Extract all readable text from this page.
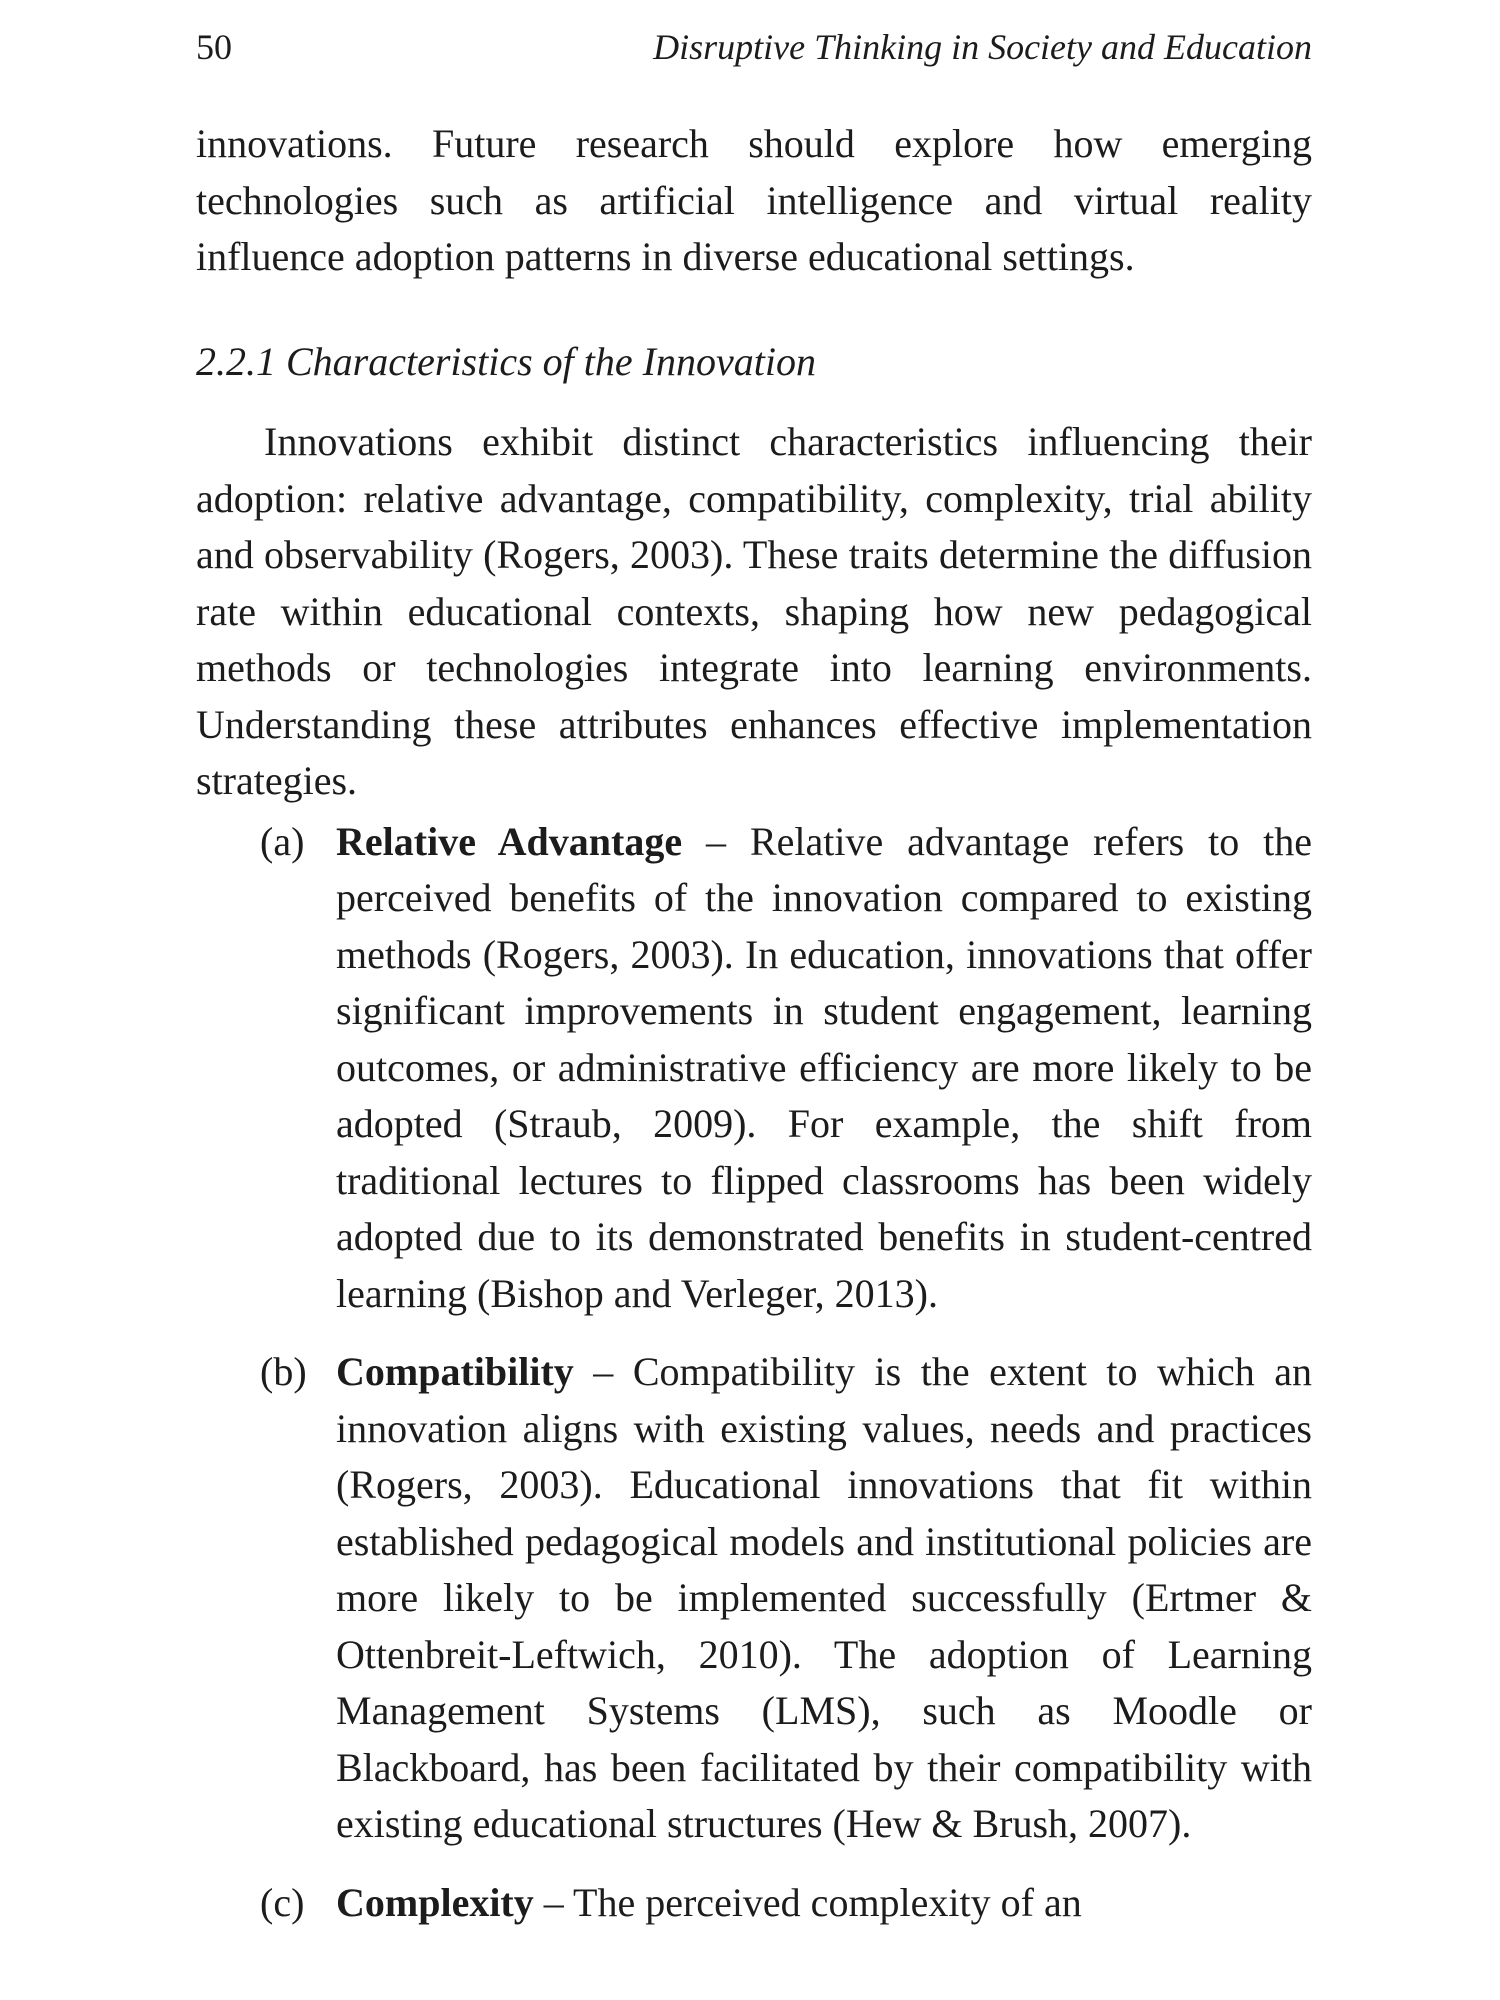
50	Disruptive Thinking in Society and Education

innovations. Future research should explore how emerging technologies such as artificial intelligence and virtual reality influence adoption patterns in diverse educational settings.

2.2.1 Characteristics of the Innovation

Innovations exhibit distinct characteristics influencing their adoption: relative advantage, compatibility, complexity, trial ability and observability (Rogers, 2003). These traits determine the diffusion rate within educational contexts, shaping how new pedagogical methods or technologies integrate into learning environments. Understanding these attributes enhances effective implementation strategies.

(a) Relative Advantage – Relative advantage refers to the perceived benefits of the innovation compared to existing methods (Rogers, 2003). In education, innovations that offer significant improvements in student engagement, learning outcomes, or administrative efficiency are more likely to be adopted (Straub, 2009). For example, the shift from traditional lectures to flipped classrooms has been widely adopted due to its demonstrated benefits in student-centred learning (Bishop and Verleger, 2013).
(b) Compatibility – Compatibility is the extent to which an innovation aligns with existing values, needs and practices (Rogers, 2003). Educational innovations that fit within established pedagogical models and institutional policies are more likely to be implemented successfully (Ertmer & Ottenbreit-Leftwich, 2010). The adoption of Learning Management Systems (LMS), such as Moodle or Blackboard, has been facilitated by their compatibility with existing educational structures (Hew & Brush, 2007).
(c) Complexity – The perceived complexity of an
